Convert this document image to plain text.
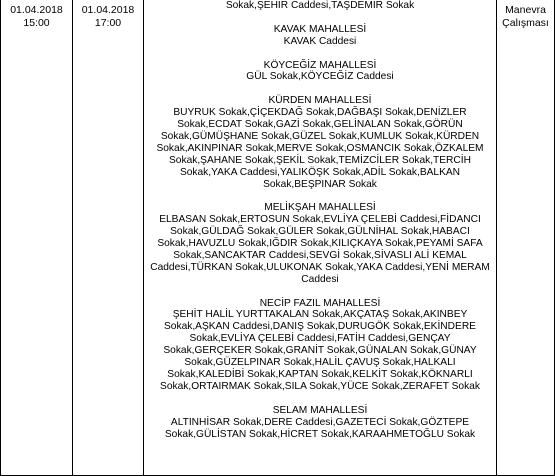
01.04.2018
15:00
01.04.2018
17:00
Sokak,ŞEHİR Caddesi,TAŞDEMİR Sokak
KAVAK MAHALLESİ
KAVAK Caddesi
KÖYCEĞİZ MAHALLESİ
GÜL Sokak,KÖYCEĞİZ Caddesi
KÜRDEN MAHALLESİ
BUYRUK Sokak,ÇİÇEKDAĞ Sokak,DAĞBAŞI Sokak,DENİZLER
Sokak,ECDAT Sokak,GAZİ Sokak,GELİNALAN Sokak,GÖRÜN
Sokak,GÜMÜŞHANE Sokak,GÜZEL Sokak,KUMLUK Sokak,KÜRDEN
Sokak,AKINPINAR Sokak,MERVE Sokak,OSMANCIK Sokak,ÖZKALEM
Sokak,ŞAHANE Sokak,ŞEKİL Sokak,TEMİZCİLER Sokak,TERCİH
Sokak,YAKA Caddesi,YALIKÖŞK Sokak,ADİL Sokak,BALKAN
Sokak,BEŞPINAR Sokak
MELİKŞAH MAHALLESİ
ELBASAN Sokak,ERTOSUN Sokak,EVLİYA ÇELEBİ Caddesi,FİDANCI
Sokak,GÜLDAĞ Sokak,GÜLER Sokak,GÜLNİHAL Sokak,HABACI
Sokak,HAVUZLU Sokak,IĞDIR Sokak,KILIÇKAYA Sokak,PEYAMİ SAFA
Sokak,SANCAKTAR Caddesi,SEVGİ Sokak,SİVASLI ALİ KEMAL
Caddesi,TÜRKAN Sokak,ULUKONAK Sokak,YAKA Caddesi,YENİ MERAM
Caddesi
NECİP FAZIL MAHALLESİ
ŞEHİT HALİL YURTTAKALAN Sokak,AKÇATAŞ Sokak,AKINBEY
Sokak,AŞKAN Caddesi,DANIŞ Sokak,DURUGÖK Sokak,EKİNDERE
Sokak,EVLİYA ÇELEBİ Caddesi,FATİH Caddesi,GENÇAY
Sokak,GERÇEKER Sokak,GRANİT Sokak,GÜNALAN Sokak,GÜNAY
Sokak,GÜZELPINAR Sokak,HALİL ÇAVUŞ Sokak,HALKALI
Sokak,KALEDİBİ Sokak,KAPTAN Sokak,KELKİT Sokak,KÖKNARLI
Sokak,ORTAIRMAK Sokak,SILA Sokak,YÜCE Sokak,ZERAFET Sokak
SELAM MAHALLESİ
ALTINHİSAR Sokak,DERE Caddesi,GAZETECİ Sokak,GÖZTEPE
Sokak,GÜLİSTAN Sokak,HİCRET Sokak,KARAAHMETOĞLU Sokak
Manevra
Çalışması
